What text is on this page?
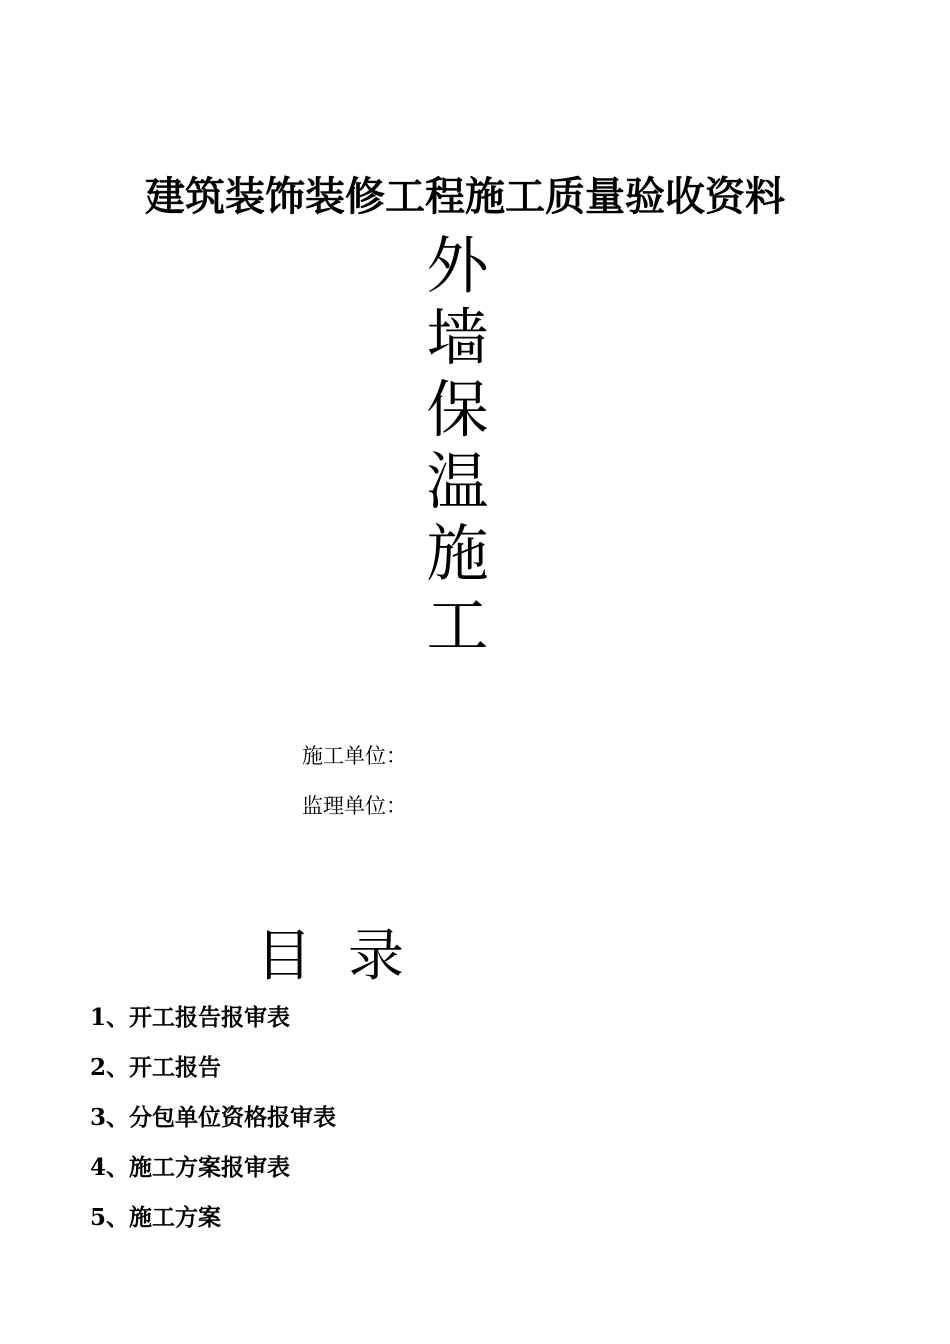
建筑装饰装修工程施工质量验收资料
外
墙
保
温
施
工
施工单位：
监理单位：
目录
1、开工报告报审表
2、开工报告
3、分包单位资格报审表
4、施工方案报审表
5、施工方案
